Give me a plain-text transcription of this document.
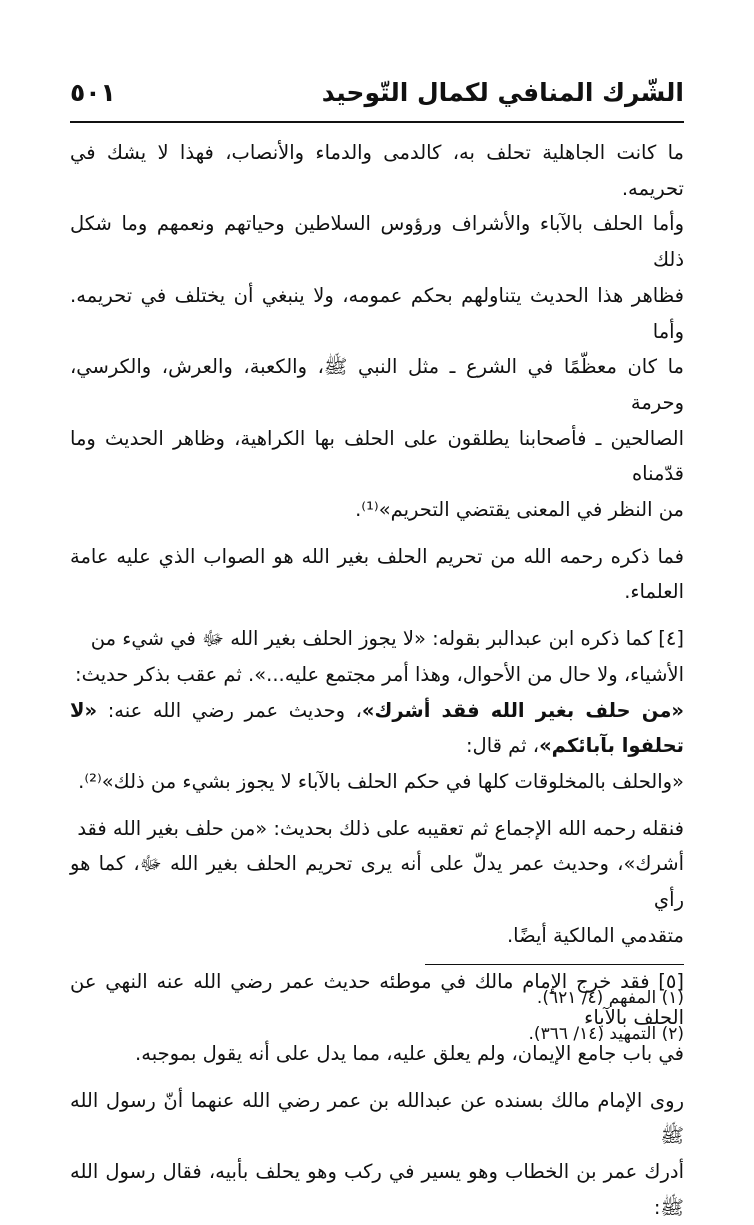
الشّرك المنافي لكمال التّوحيد
٥٠١

ما كانت الجاهلية تحلف به، كالدمى والدماء والأنصاب، فهذا لا يشك في تحريمه.

وأما الحلف بالآباء والأشراف ورؤوس السلاطين وحياتهم ونعمهم وما شكل ذلك

فظاهر هذا الحديث يتناولهم بحكم عمومه، ولا ينبغي أن يختلف في تحريمه. وأما

ما كان معظّمًا في الشرع ـ مثل النبي ﷺ، والكعبة، والعرش، والكرسي، وحرمة

الصالحين ـ فأصحابنا يطلقون على الحلف بها الكراهية، وظاهر الحديث وما قدّمناه

من النظر في المعنى يقتضي التحريم»⁽¹⁾.

فما ذكره رحمه الله من تحريم الحلف بغير الله هو الصواب الذي عليه عامة العلماء.

[٤] كما ذكره ابن عبدالبر بقوله: «لا يجوز الحلف بغير الله ﷻ في شيء من

الأشياء، ولا حال من الأحوال، وهذا أمر مجتمع عليه...». ثم عقب بذكر حديث:

«من حلف بغير الله فقد أشرك»، وحديث عمر رضي الله عنه: «لا تحلفوا بآبائكم»، ثم قال:

«والحلف بالمخلوقات كلها في حكم الحلف بالآباء لا يجوز بشيء من ذلك»⁽²⁾.

فنقله رحمه الله الإجماع ثم تعقيبه على ذلك بحديث: «من حلف بغير الله فقد

أشرك»، وحديث عمر يدلّ على أنه يرى تحريم الحلف بغير الله ﷻ، كما هو رأي

متقدمي المالكية أيضًا.

[٥] فقد خرج الإمام مالك في موطئه حديث عمر رضي الله عنه النهي عن الحلف بالآباء

في باب جامع الإيمان، ولم يعلق عليه، مما يدل على أنه يقول بموجبه.

روى الإمام مالك بسنده عن عبدالله بن عمر رضي الله عنهما أنّ رسول الله ﷺ

أدرك عمر بن الخطاب وهو يسير في ركب وهو يحلف بأبيه، فقال رسول الله ﷺ:

(١) المفهم (٤/ ٦٢١).

(٢) التمهيد (١٤/ ٣٦٦).
